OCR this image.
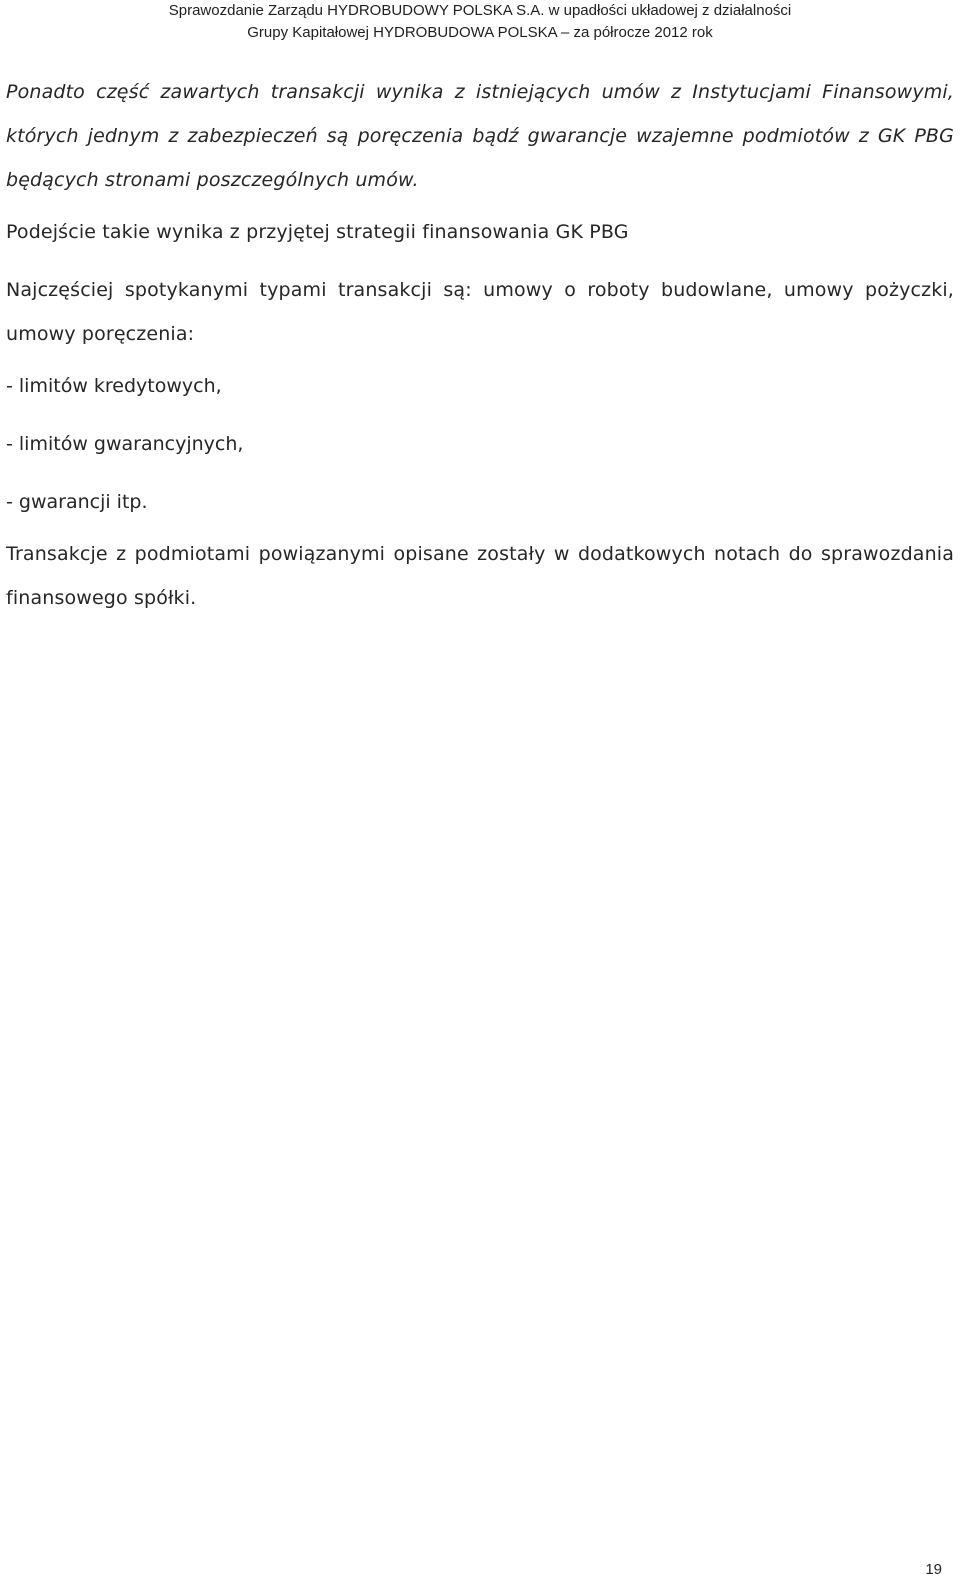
Sprawozdanie Zarządu HYDROBUDOWY POLSKA S.A. w upadłości układowej z działalności
Grupy Kapitałowej HYDROBUDOWA POLSKA – za półrocze 2012 rok

Ponadto część zawartych transakcji wynika z istniejących umów z Instytucjami Finansowymi, których jednym z zabezpieczeń są poręczenia bądź gwarancje wzajemne podmiotów z GK PBG będących stronami poszczególnych umów.

Podejście takie wynika z przyjętej strategii finansowania GK PBG

Najczęściej spotykanymi typami transakcji są: umowy o roboty budowlane, umowy pożyczki, umowy poręczenia:

- limitów kredytowych,

- limitów gwarancyjnych,

- gwarancji itp.

Transakcje z podmiotami powiązanymi opisane zostały w dodatkowych notach do sprawozdania finansowego spółki.

19
